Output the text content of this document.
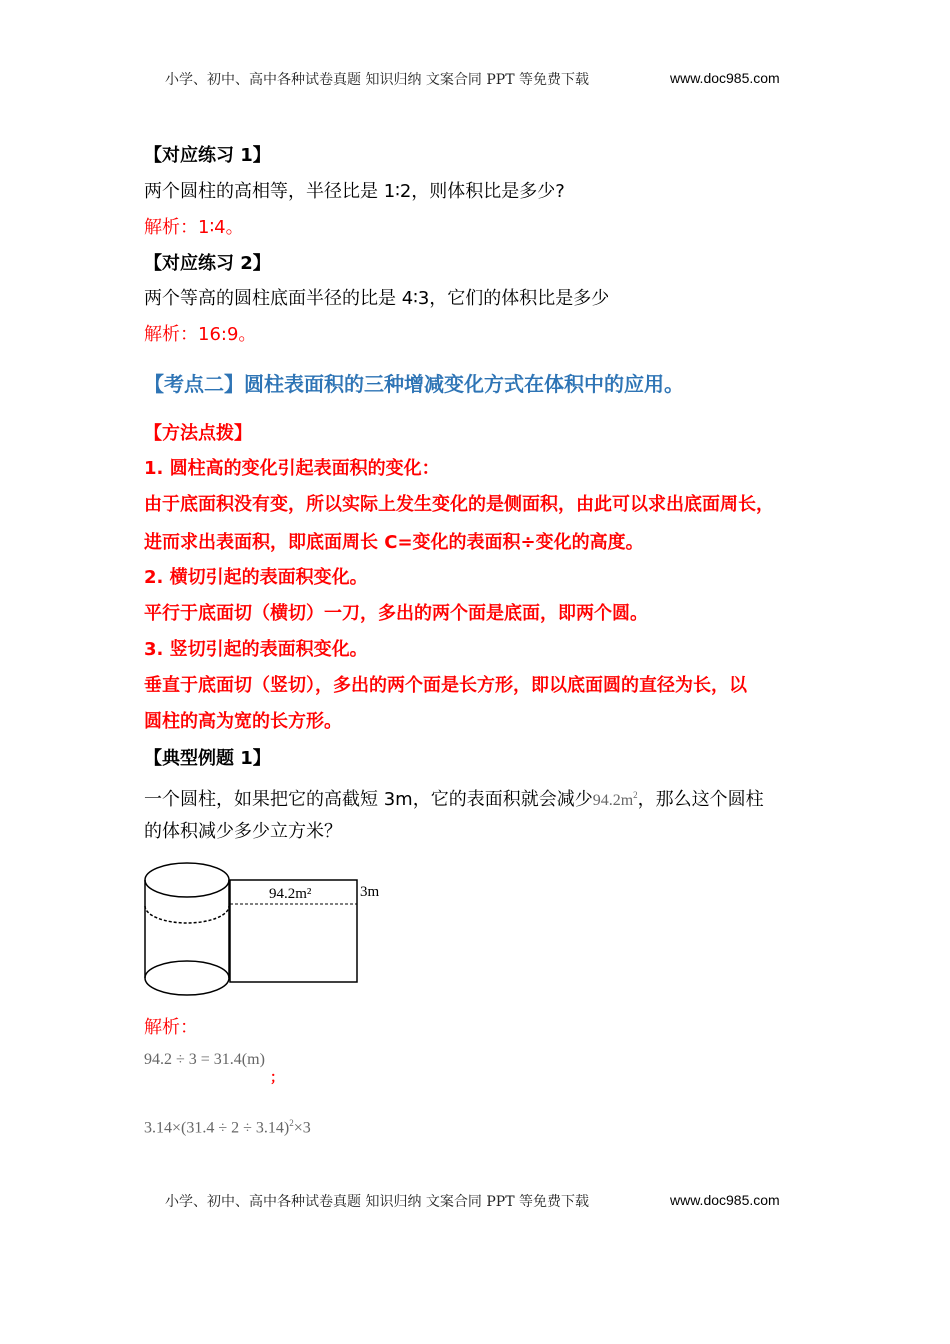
小学、初中、高中各种试卷真题 知识归纳 文案合同 PPT 等免费下载	www.doc985.com
【对应练习 1】
两个圆柱的高相等，半径比是 1∶2，则体积比是多少?
解析：1∶4。
【对应练习 2】
两个等高的圆柱底面半径的比是 4∶3，它们的体积比是多少
解析：16:9。
【考点二】圆柱表面积的三种增减变化方式在体积中的应用。
【方法点拨】
1. 圆柱高的变化引起表面积的变化：
由于底面积没有变，所以实际上发生变化的是侧面积，由此可以求出底面周长，
进而求出表面积，即底面周长 C=变化的表面积÷变化的高度。
2. 横切引起的表面积变化。
平行于底面切（横切）一刀，多出的两个面是底面，即两个圆。
3. 竖切引起的表面积变化。
垂直于底面切（竖切），多出的两个面是长方形，即以底面圆的直径为长，以
圆柱的高为宽的长方形。
【典型例题 1】
一个圆柱，如果把它的高截短 3m，它的表面积就会减少$94.2m^2$，那么这个圆柱
的体积减少多少立方米？
94.2m²	3m
解析：
94.2 ÷ 3 = 31.4(m)
；
$3.14\times(31.4 \div 2 \div 3.14)^2\times 3$
小学、初中、高中各种试卷真题 知识归纳 文案合同 PPT 等免费下载	www.doc985.com
